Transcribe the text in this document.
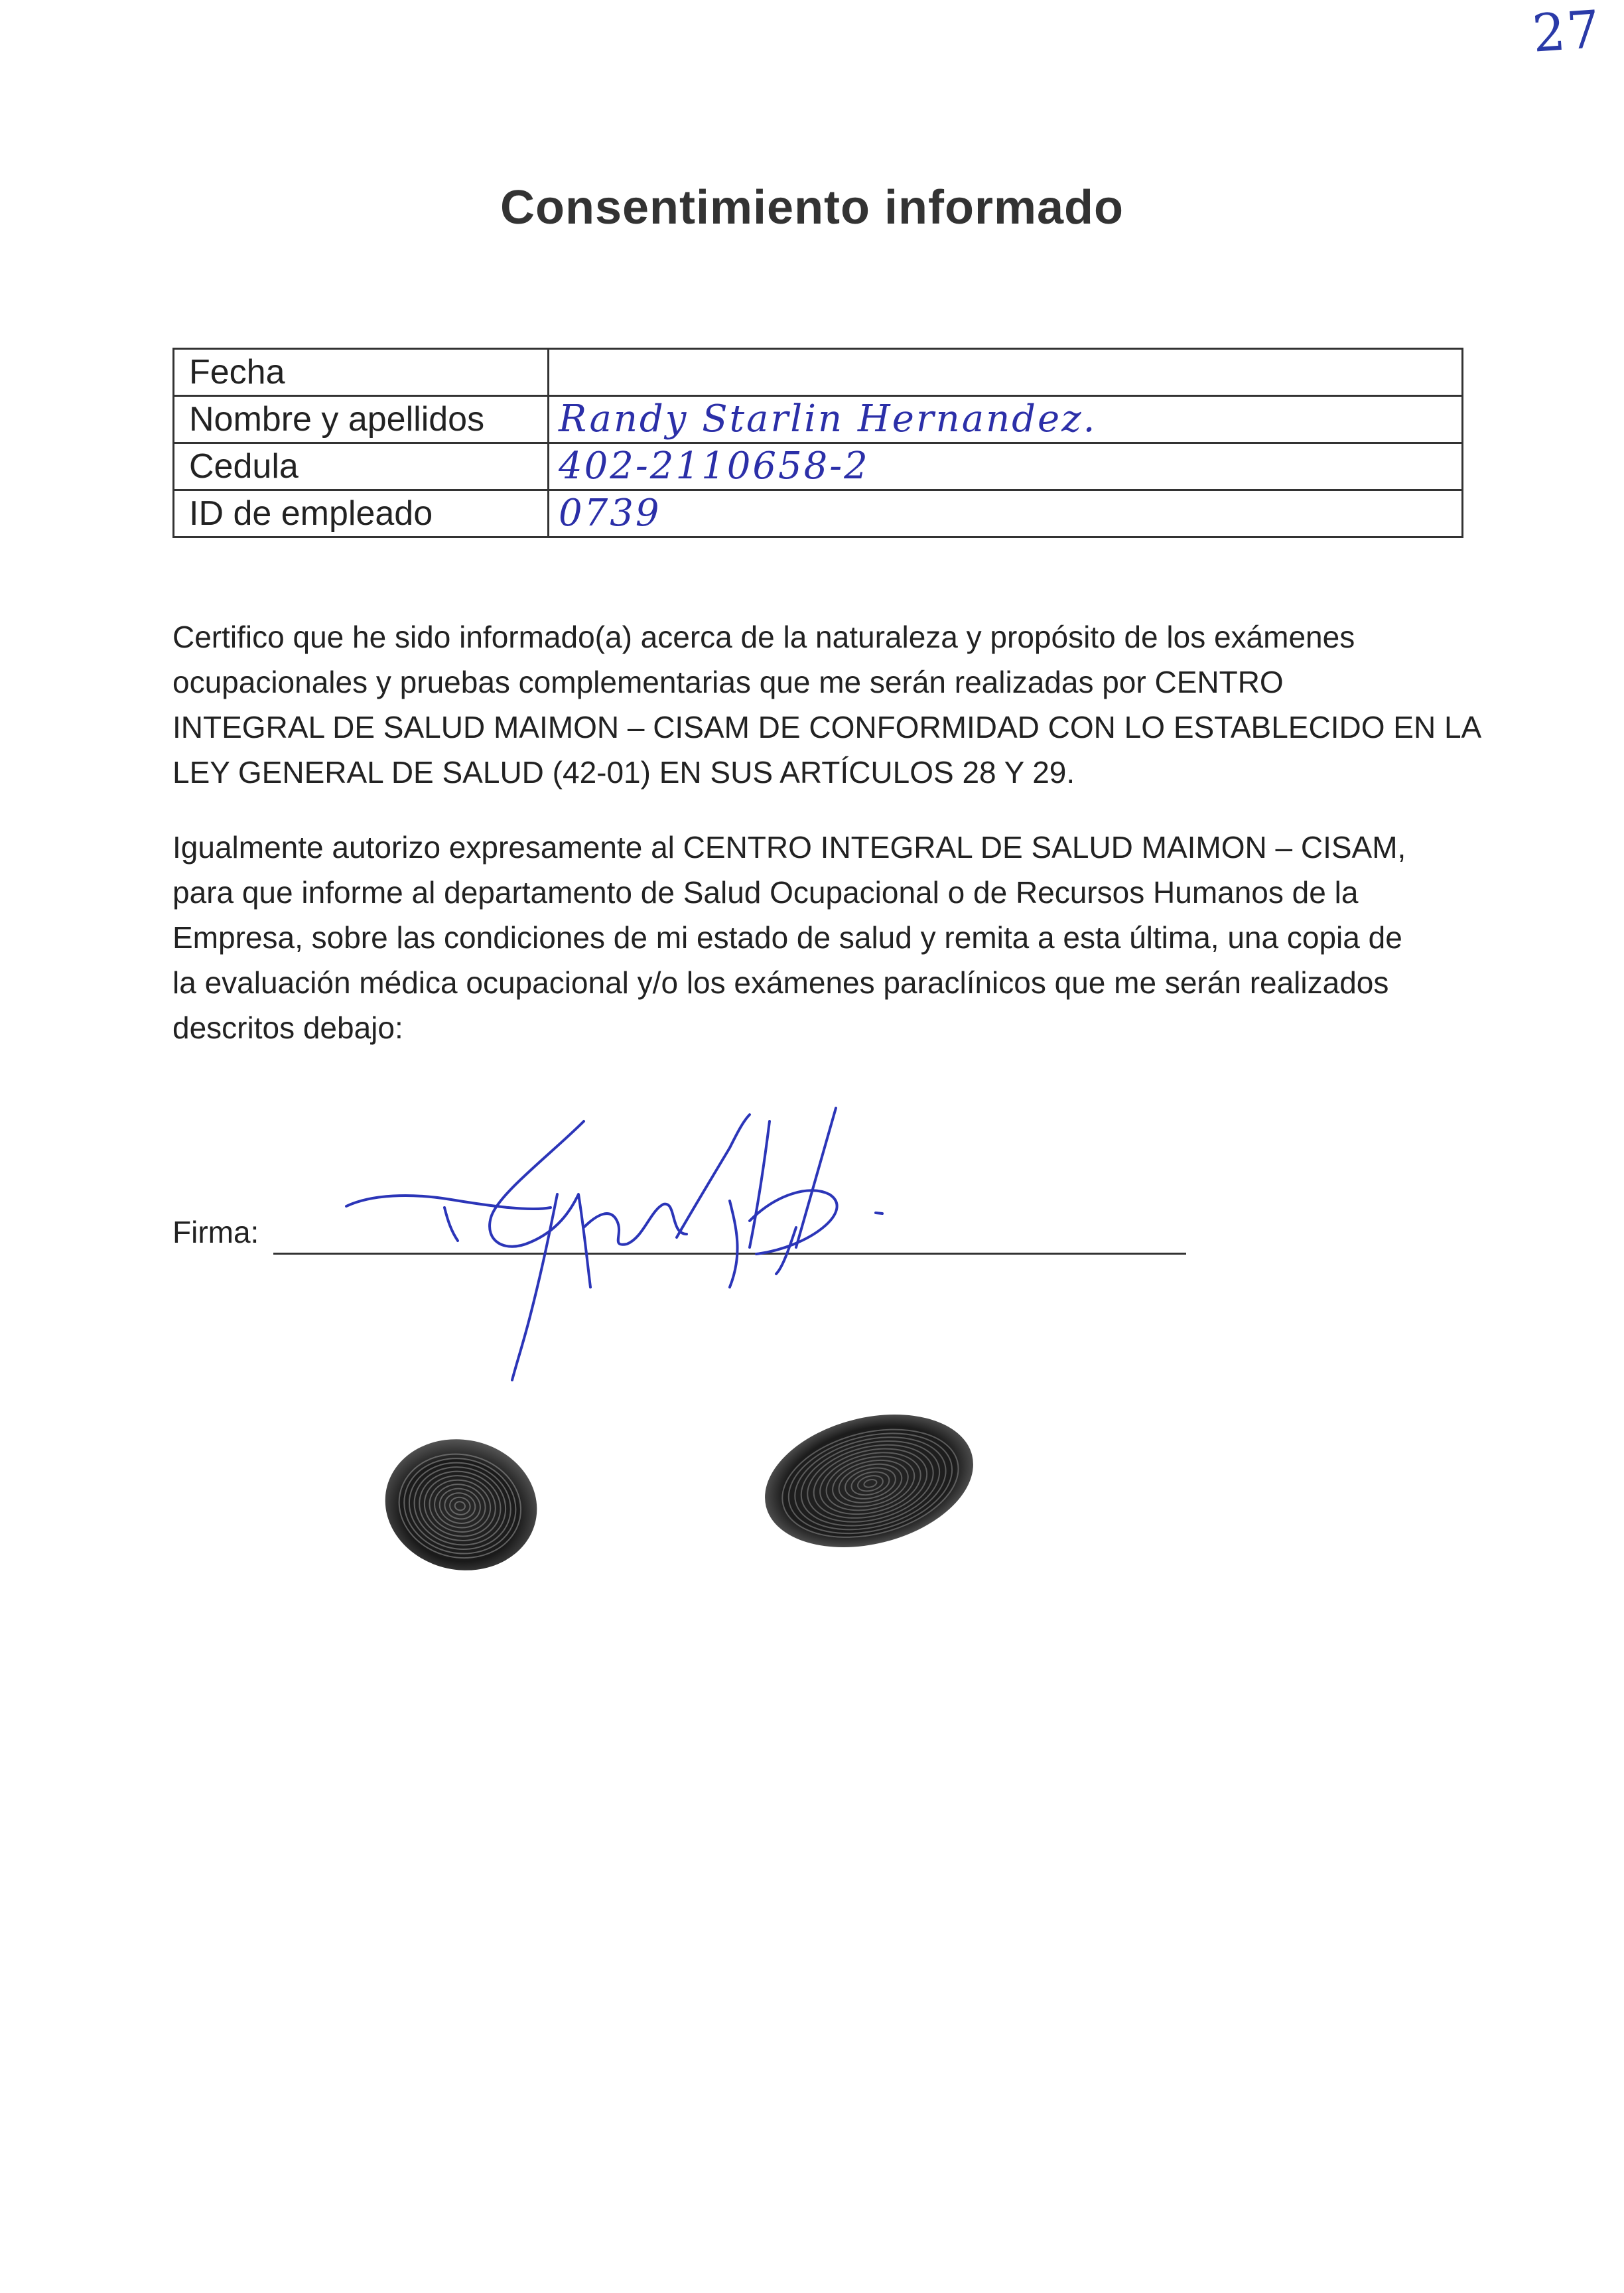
27
Consentimiento informado
Fecha	
Nombre y apellidos	Randy Starlin Hernandez.
Cedula	402-2110658-2
ID de empleado	0739

Certifico que he sido informado(a) acerca de la naturaleza y propósito de los exámenes
ocupacionales y pruebas complementarias que me serán realizadas por CENTRO
INTEGRAL DE SALUD MAIMON – CISAM DE CONFORMIDAD CON LO ESTABLECIDO EN LA
LEY GENERAL DE SALUD (42-01) EN SUS ARTÍCULOS 28 Y 29.

Igualmente autorizo expresamente al CENTRO INTEGRAL DE SALUD MAIMON – CISAM,
para que informe al departamento de Salud Ocupacional o de Recursos Humanos de la
Empresa, sobre las condiciones de mi estado de salud y remita a esta última, una copia de
la evaluación médica ocupacional y/o los exámenes paraclínicos que me serán realizados
descritos debajo:

Firma:
